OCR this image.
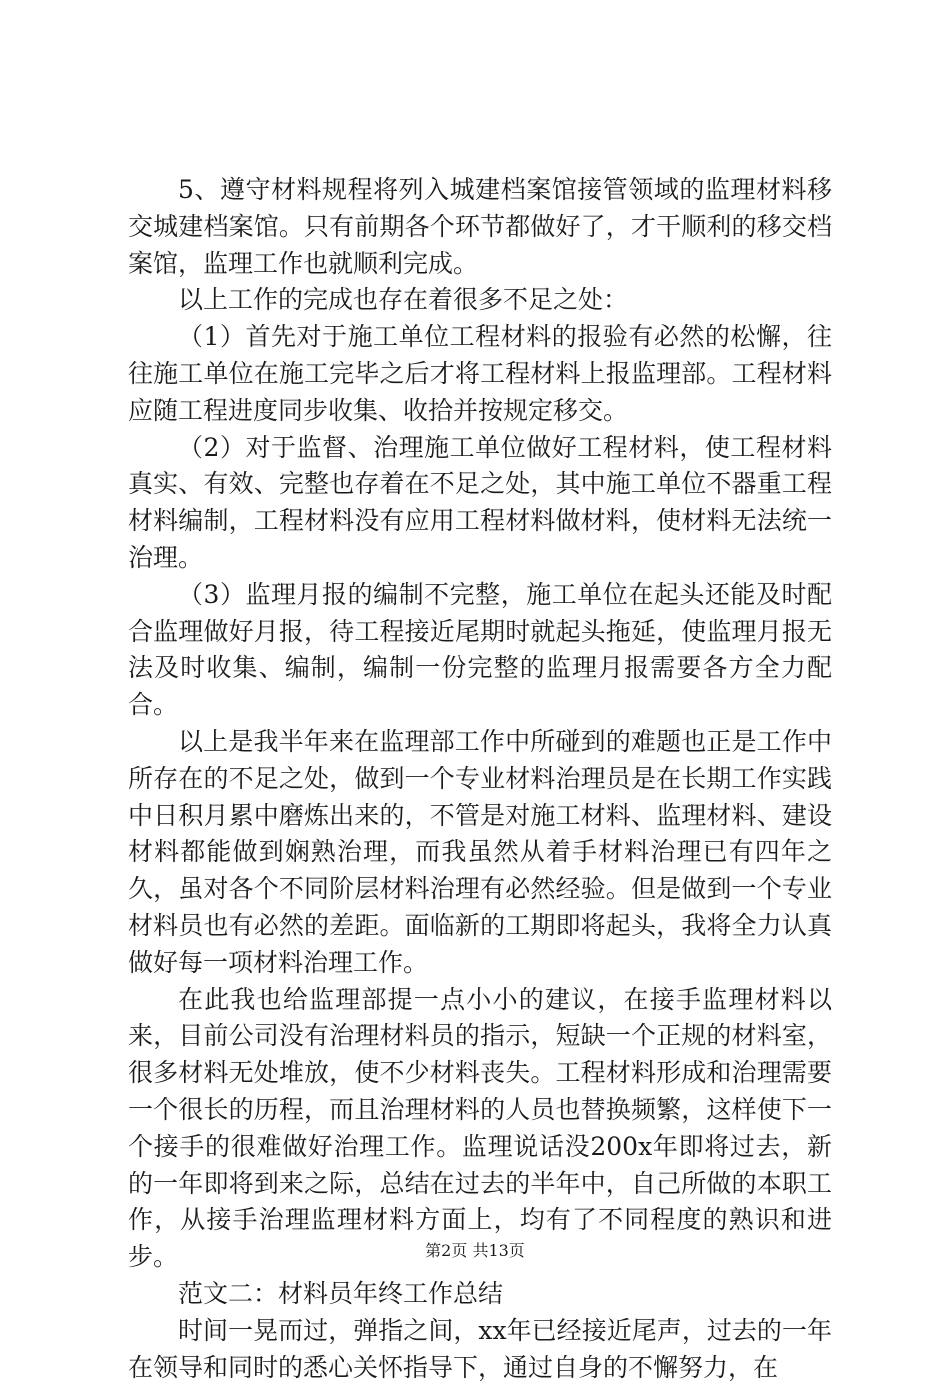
5、遵守材料规程将列入城建档案馆接管领域的监理材料移交城建档案馆。只有前期各个环节都做好了，才干顺利的移交档案馆，监理工作也就顺利完成。

以上工作的完成也存在着很多不足之处：

（1）首先对于施工单位工程材料的报验有必然的松懈，往往施工单位在施工完毕之后才将工程材料上报监理部。工程材料应随工程进度同步收集、收拾并按规定移交。

（2）对于监督、治理施工单位做好工程材料，使工程材料真实、有效、完整也存着在不足之处，其中施工单位不器重工程材料编制，工程材料没有应用工程材料做材料，使材料无法统一治理。

（3）监理月报的编制不完整，施工单位在起头还能及时配合监理做好月报，待工程接近尾期时就起头拖延，使监理月报无法及时收集、编制，编制一份完整的监理月报需要各方全力配合。

以上是我半年来在监理部工作中所碰到的难题也正是工作中所存在的不足之处，做到一个专业材料治理员是在长期工作实践中日积月累中磨炼出来的，不管是对施工材料、监理材料、建设材料都能做到娴熟治理，而我虽然从着手材料治理已有四年之久，虽对各个不同阶层材料治理有必然经验。但是做到一个专业材料员也有必然的差距。面临新的工期即将起头，我将全力认真做好每一项材料治理工作。

在此我也给监理部提一点小小的建议，在接手监理材料以来，目前公司没有治理材料员的指示，短缺一个正规的材料室，很多材料无处堆放，使不少材料丧失。工程材料形成和治理需要一个很长的历程，而且治理材料的人员也替换频繁，这样使下一个接手的很难做好治理工作。监理说话没200x年即将过去，新的一年即将到来之际，总结在过去的半年中，自己所做的本职工作，从接手治理监理材料方面上，均有了不同程度的熟识和进步。

范文二：材料员年终工作总结

时间一晃而过，弹指之间，xx年已经接近尾声，过去的一年在领导和同时的悉心关怀指导下，通过自身的不懈努力，在

第2页 共13页
